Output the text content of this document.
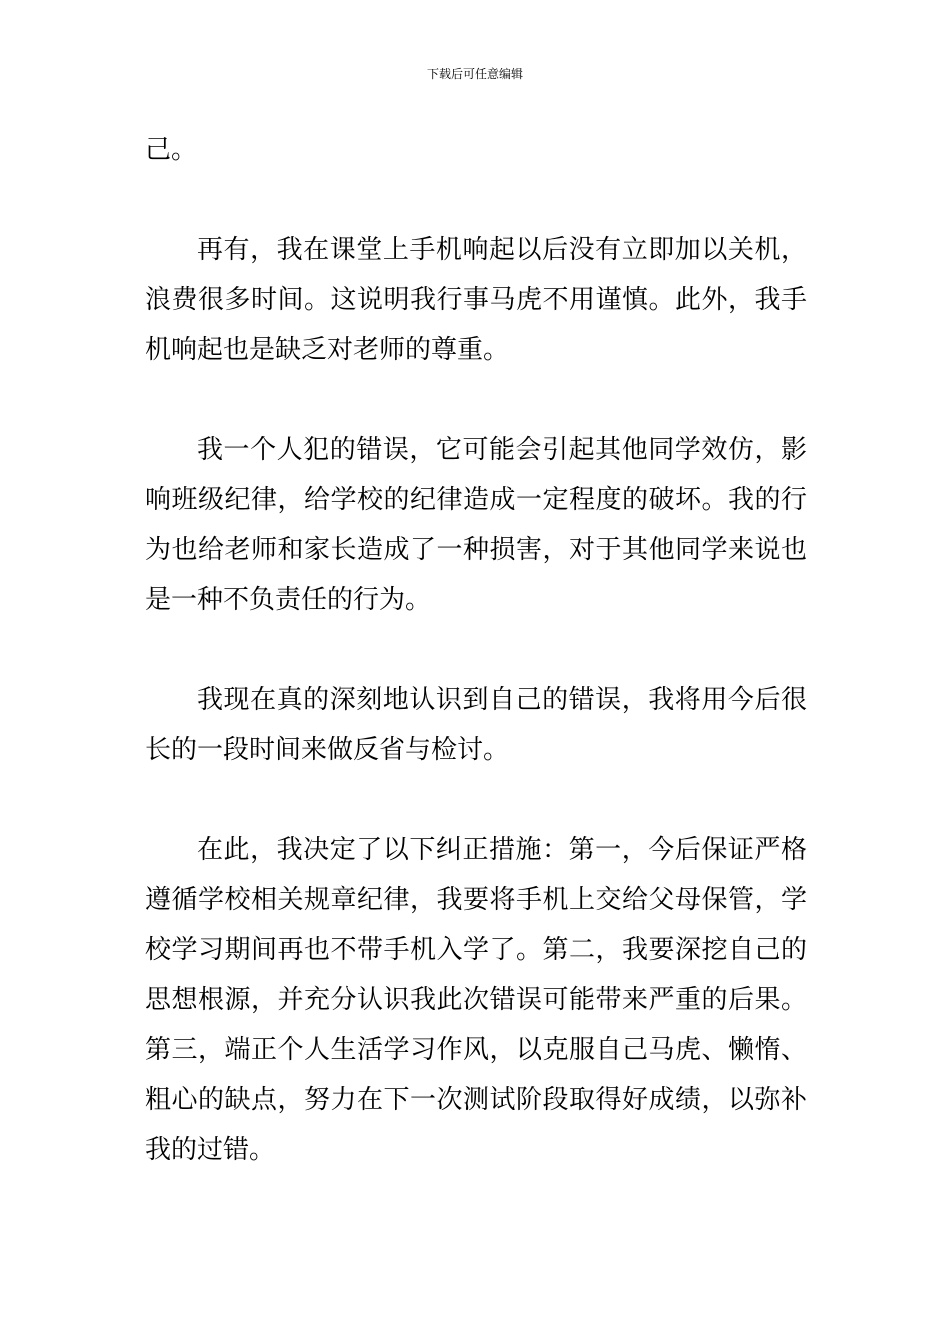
下载后可任意编辑

己。

再有，我在课堂上手机响起以后没有立即加以关机，浪费很多时间。这说明我行事马虎不用谨慎。此外，我手机响起也是缺乏对老师的尊重。

我一个人犯的错误，它可能会引起其他同学效仿，影响班级纪律，给学校的纪律造成一定程度的破坏。我的行为也给老师和家长造成了一种损害，对于其他同学来说也是一种不负责任的行为。

我现在真的深刻地认识到自己的错误，我将用今后很长的一段时间来做反省与检讨。

在此，我决定了以下纠正措施：第一，今后保证严格遵循学校相关规章纪律，我要将手机上交给父母保管，学校学习期间再也不带手机入学了。第二，我要深挖自己的思想根源，并充分认识我此次错误可能带来严重的后果。第三，端正个人生活学习作风，以克服自己马虎、懒惰、粗心的缺点，努力在下一次测试阶段取得好成绩，以弥补我的过错。
